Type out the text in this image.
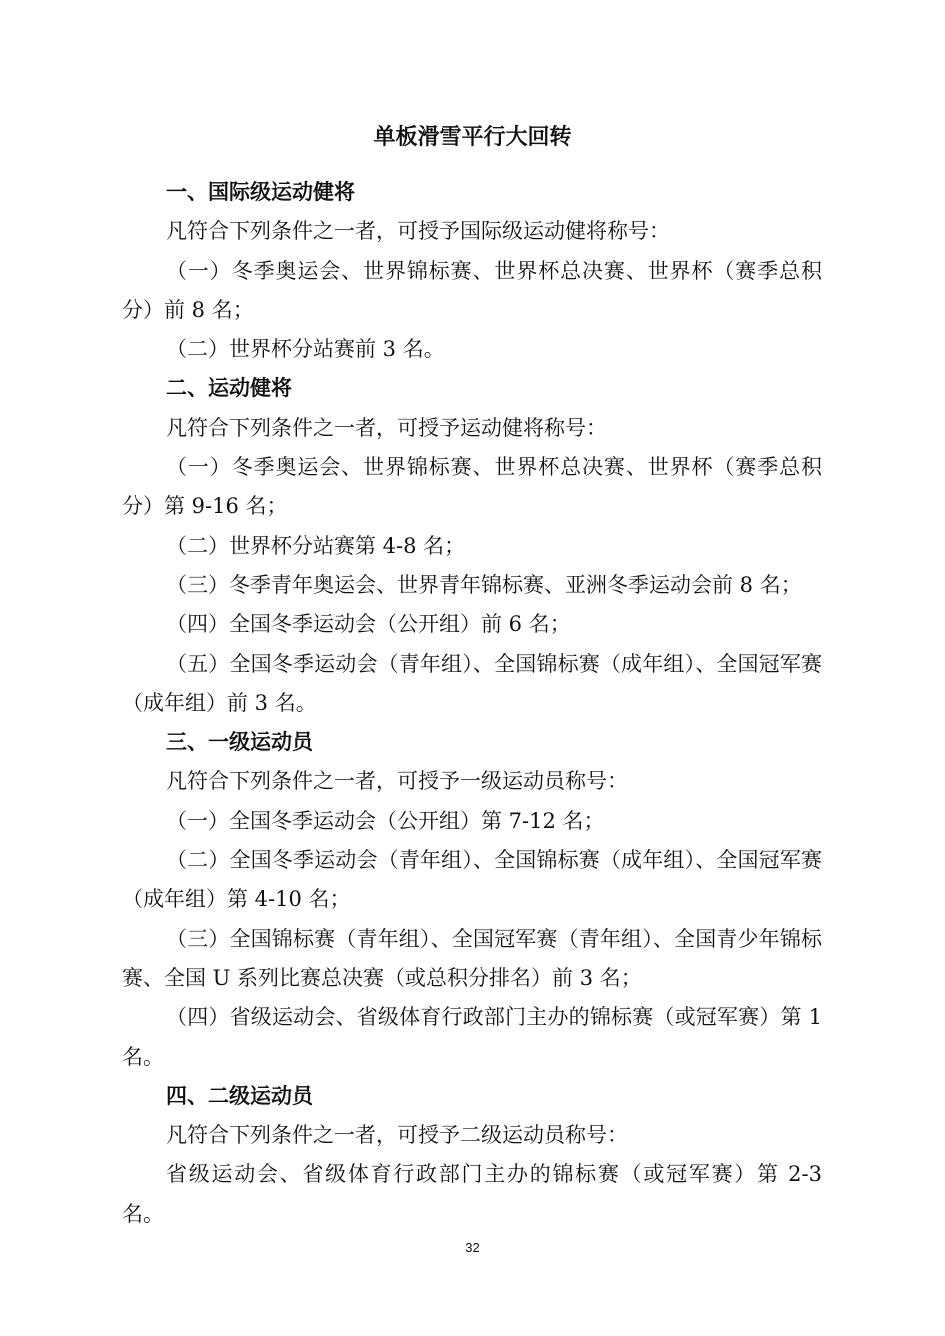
单板滑雪平行大回转

一、国际级运动健将

凡符合下列条件之一者，可授予国际级运动健将称号：

（一）冬季奥运会、世界锦标赛、世界杯总决赛、世界杯（赛季总积分）前 8 名；

（二）世界杯分站赛前 3 名。

二、运动健将

凡符合下列条件之一者，可授予运动健将称号：

（一）冬季奥运会、世界锦标赛、世界杯总决赛、世界杯（赛季总积分）第 9-16 名；

（二）世界杯分站赛第 4-8 名；

（三）冬季青年奥运会、世界青年锦标赛、亚洲冬季运动会前 8 名；

（四）全国冬季运动会（公开组）前 6 名；

（五）全国冬季运动会（青年组）、全国锦标赛（成年组）、全国冠军赛（成年组）前 3 名。

三、一级运动员

凡符合下列条件之一者，可授予一级运动员称号：

（一）全国冬季运动会（公开组）第 7-12 名；

（二）全国冬季运动会（青年组）、全国锦标赛（成年组）、全国冠军赛（成年组）第 4-10 名；

（三）全国锦标赛（青年组）、全国冠军赛（青年组）、全国青少年锦标赛、全国 U 系列比赛总决赛（或总积分排名）前 3 名；

（四）省级运动会、省级体育行政部门主办的锦标赛（或冠军赛）第 1 名。

四、二级运动员

凡符合下列条件之一者，可授予二级运动员称号：

省级运动会、省级体育行政部门主办的锦标赛（或冠军赛）第 2-3 名。

32
